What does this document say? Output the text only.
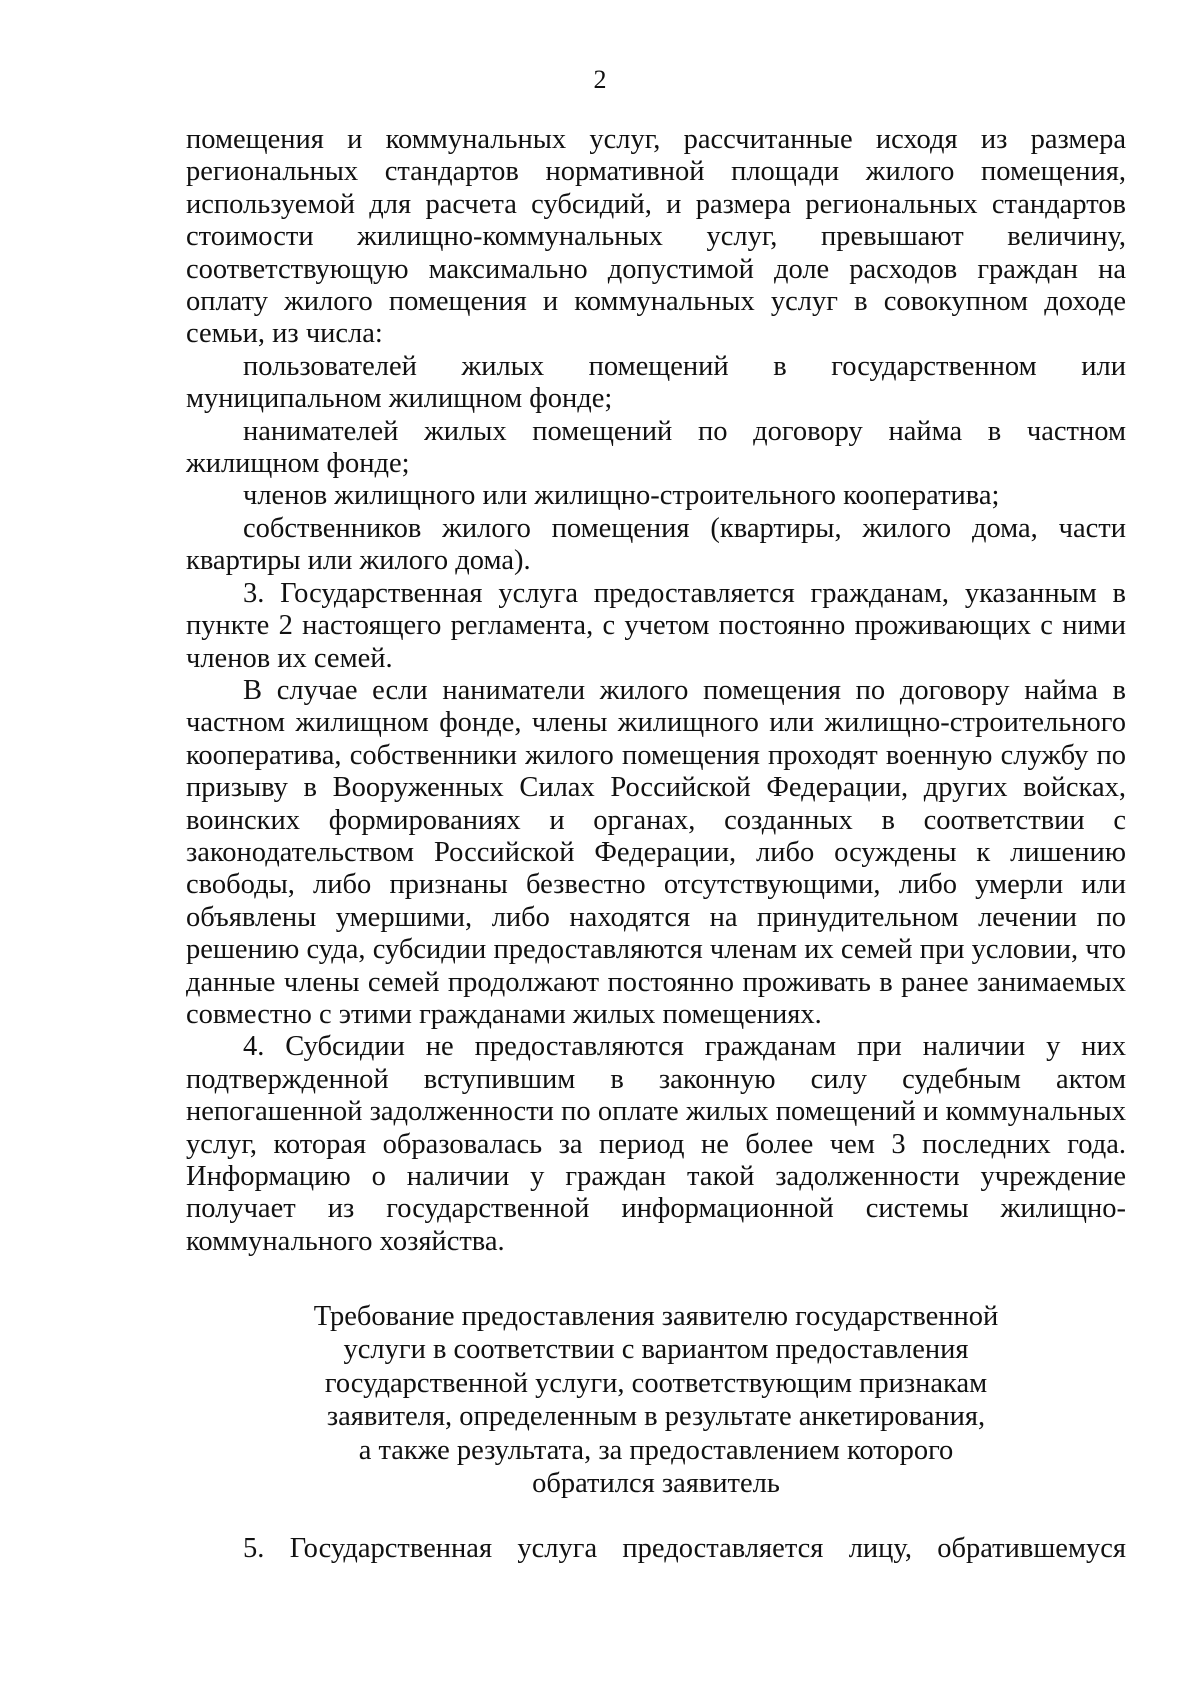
2

помещения и коммунальных услуг, рассчитанные исходя из размера региональных стандартов нормативной площади жилого помещения, используемой для расчета субсидий, и размера региональных стандартов стоимости жилищно-коммунальных услуг, превышают величину, соответствующую максимально допустимой доле расходов граждан на оплату жилого помещения и коммунальных услуг в совокупном доходе семьи, из числа:

пользователей жилых помещений в государственном или муниципальном жилищном фонде;

нанимателей жилых помещений по договору найма в частном жилищном фонде;

членов жилищного или жилищно-строительного кооператива;

собственников жилого помещения (квартиры, жилого дома, части квартиры или жилого дома).

3. Государственная услуга предоставляется гражданам, указанным в пункте 2 настоящего регламента, с учетом постоянно проживающих с ними членов их семей.

В случае если наниматели жилого помещения по договору найма в частном жилищном фонде, члены жилищного или жилищно-строительного кооператива, собственники жилого помещения проходят военную службу по призыву в Вооруженных Силах Российской Федерации, других войсках, воинских формированиях и органах, созданных в соответствии с законодательством Российской Федерации, либо осуждены к лишению свободы, либо признаны безвестно отсутствующими, либо умерли или объявлены умершими, либо находятся на принудительном лечении по решению суда, субсидии предоставляются членам их семей при условии, что данные члены семей продолжают постоянно проживать в ранее занимаемых совместно с этими гражданами жилых помещениях.

4. Субсидии не предоставляются гражданам при наличии у них подтвержденной вступившим в законную силу судебным актом непогашенной задолженности по оплате жилых помещений и коммунальных услуг, которая образовалась за период не более чем 3 последних года. Информацию о наличии у граждан такой задолженности учреждение получает из государственной информационной системы жилищно-коммунального хозяйства.

Требование предоставления заявителю государственной
услуги в соответствии с вариантом предоставления
государственной услуги, соответствующим признакам
заявителя, определенным в результате анкетирования,
а также результата, за предоставлением которого
обратился заявитель

5. Государственная услуга предоставляется лицу, обратившемуся
